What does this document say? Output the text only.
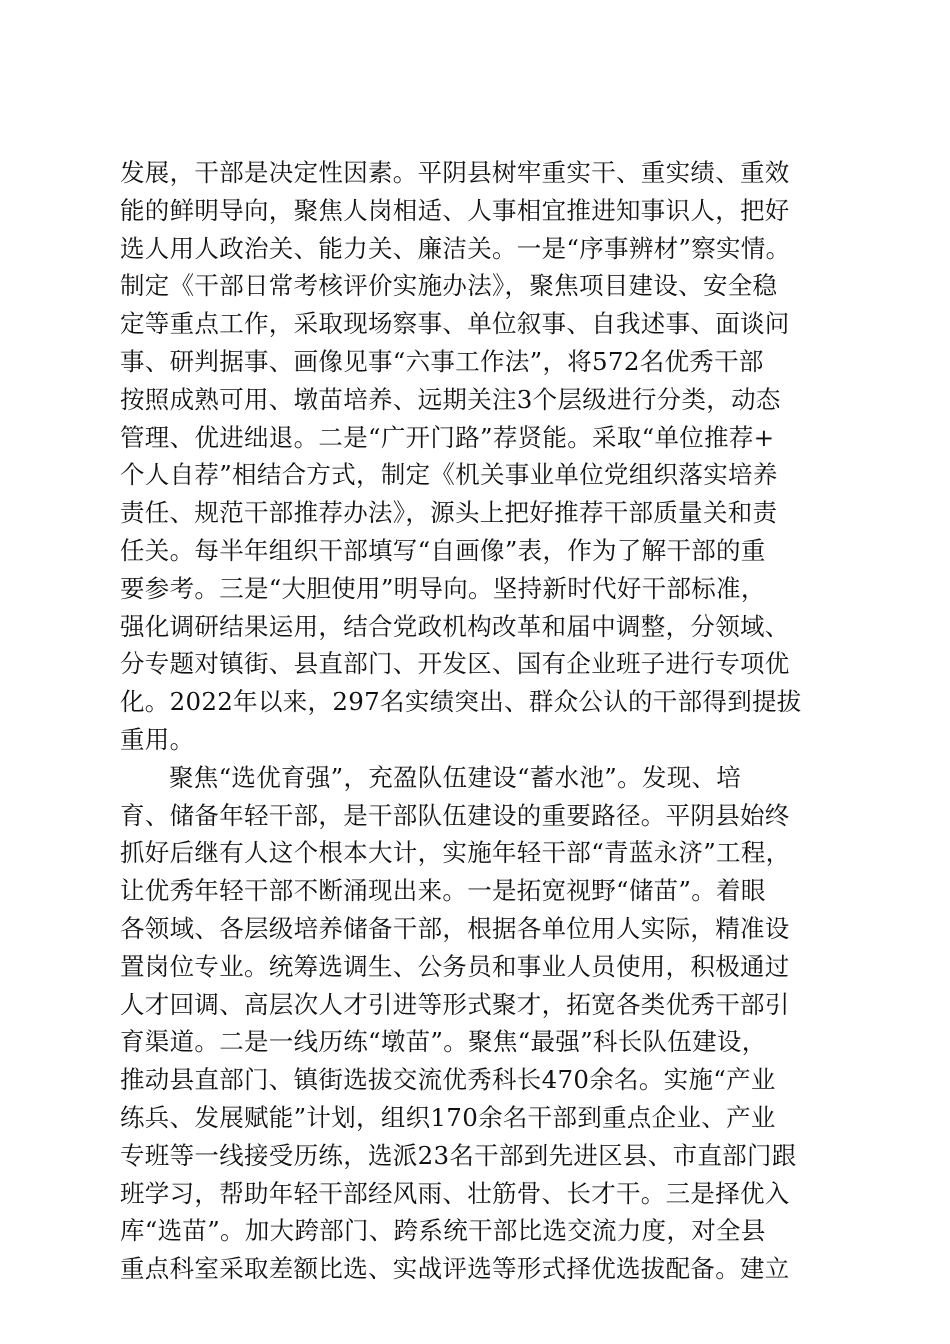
发展，干部是决定性因素。平阴县树牢重实干、重实绩、重效
能的鲜明导向，聚焦人岗相适、人事相宜推进知事识人，把好
选人用人政治关、能力关、廉洁关。一是“序事辨材”察实情。
制定《干部日常考核评价实施办法》，聚焦项目建设、安全稳
定等重点工作，采取现场察事、单位叙事、自我述事、面谈问
事、研判据事、画像见事“六事工作法”，将572名优秀干部
按照成熟可用、墩苗培养、远期关注3个层级进行分类，动态
管理、优进绌退。二是“广开门路”荐贤能。采取“单位推荐+
个人自荐”相结合方式，制定《机关事业单位党组织落实培养
责任、规范干部推荐办法》，源头上把好推荐干部质量关和责
任关。每半年组织干部填写“自画像”表，作为了解干部的重
要参考。三是“大胆使用”明导向。坚持新时代好干部标准，
强化调研结果运用，结合党政机构改革和届中调整，分领域、
分专题对镇街、县直部门、开发区、国有企业班子进行专项优
化。2022年以来，297名实绩突出、群众公认的干部得到提拔
重用。
聚焦“选优育强”，充盈队伍建设“蓄水池”。发现、培
育、储备年轻干部，是干部队伍建设的重要路径。平阴县始终
抓好后继有人这个根本大计，实施年轻干部“青蓝永济”工程，
让优秀年轻干部不断涌现出来。一是拓宽视野“储苗”。着眼
各领域、各层级培养储备干部，根据各单位用人实际，精准设
置岗位专业。统筹选调生、公务员和事业人员使用，积极通过
人才回调、高层次人才引进等形式聚才，拓宽各类优秀干部引
育渠道。二是一线历练“墩苗”。聚焦“最强”科长队伍建设，
推动县直部门、镇街选拔交流优秀科长470余名。实施“产业
练兵、发展赋能”计划，组织170余名干部到重点企业、产业
专班等一线接受历练，选派23名干部到先进区县、市直部门跟
班学习，帮助年轻干部经风雨、壮筋骨、长才干。三是择优入
库“选苗”。加大跨部门、跨系统干部比选交流力度，对全县
重点科室采取差额比选、实战评选等形式择优选拔配备。建立
